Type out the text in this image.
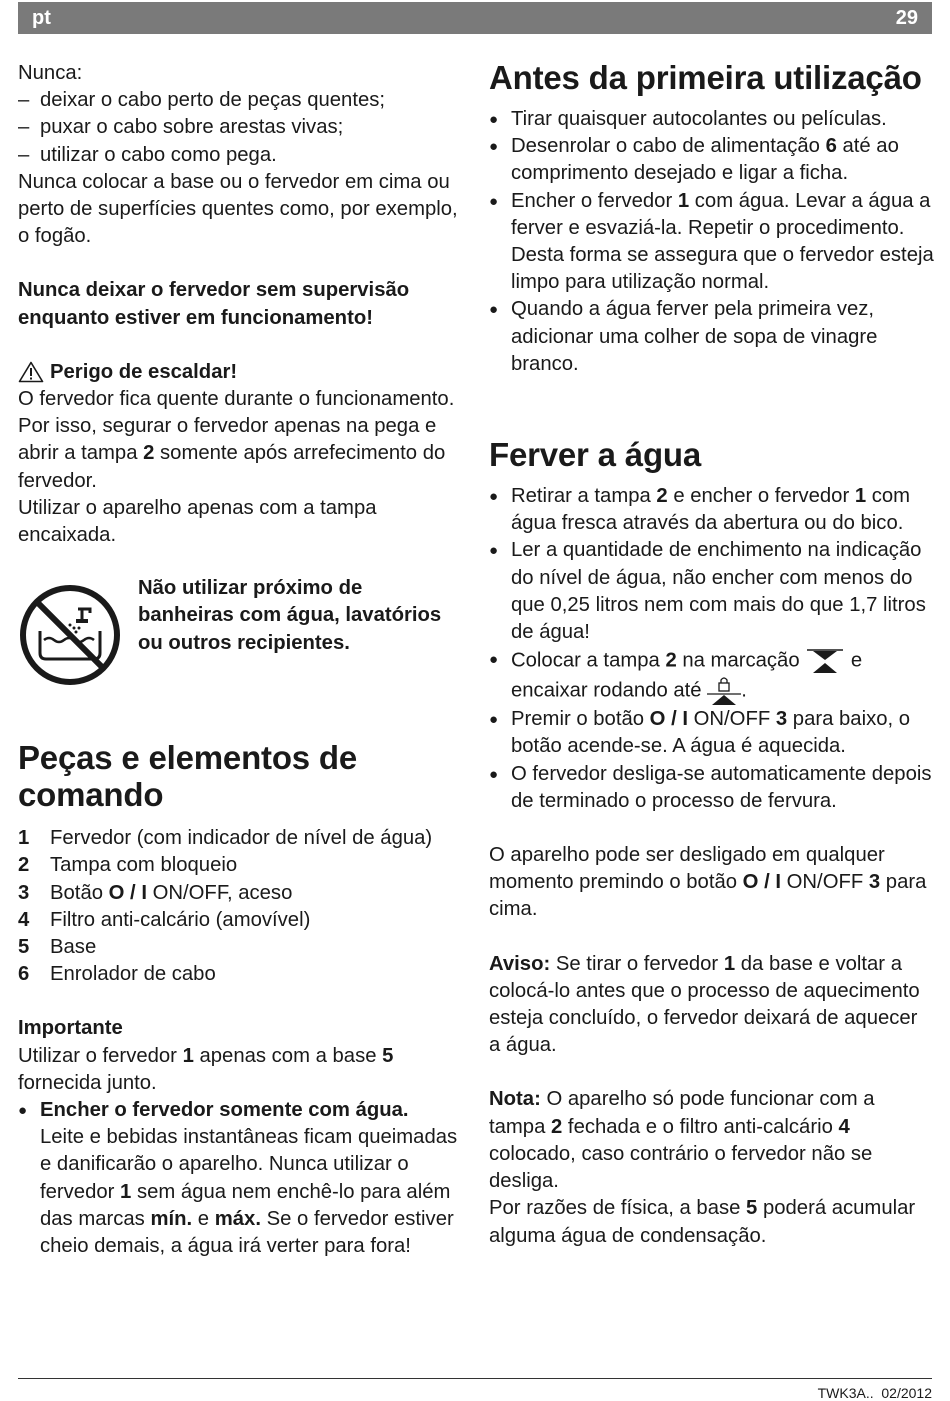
pt	29

Nunca:

– deixar o cabo perto de peças quentes;
– puxar o cabo sobre arestas vivas;
– utilizar o cabo como pega.

Nunca colocar a base ou o fervedor em cima ou perto de superfícies quentes como, por exemplo, o fogão.

Nunca deixar o fervedor sem supervisão enquanto estiver em funcionamento!

Perigo de escaldar!

O fervedor fica quente durante o funcionamento. Por isso, segurar o fervedor apenas na pega e abrir a tampa 2 somente após arrefecimento do fervedor.

Utilizar o aparelho apenas com a tampa encaixada.

Não utilizar próximo de banheiras com água, lavatórios ou outros recipientes.
Peças e elementos de comando
1 Fervedor (com indicador de nível de água)
2 Tampa com bloqueio
3 Botão O / I ON/OFF, aceso
4 Filtro anti-calcário (amovível)
5 Base
6 Enrolador de cabo

Importante

Utilizar o fervedor 1 apenas com a base 5 fornecida junto.

● Encher o fervedor somente com água.
Leite e bebidas instantâneas ficam queimadas e danificarão o aparelho. Nunca utilizar o fervedor 1 sem água nem enchê-lo para além das marcas mín. e máx. Se o fervedor estiver cheio demais, a água irá verter para fora!
Antes da primeira utilização
● Tirar quaisquer autocolantes ou películas.
● Desenrolar o cabo de alimentação 6 até ao comprimento desejado e ligar a ficha.
● Encher o fervedor 1 com água. Levar a água a ferver e esvaziá-la. Repetir o procedimento. Desta forma se assegura que o fervedor esteja limpo para utilização normal.
● Quando a água ferver pela primeira vez, adicionar uma colher de sopa de vinagre branco.
Ferver a água
● Retirar a tampa 2 e encher o fervedor 1 com água fresca através da abertura ou do bico.
● Ler a quantidade de enchimento na indicação do nível de água, não encher com menos do que 0,25 litros nem com mais do que 1,7 litros de água!
● Colocar a tampa 2 na marcação  e encaixar rodando até .
● Premir o botão O / I ON/OFF 3 para baixo, o botão acende-se. A água é aquecida.
● O fervedor desliga-se automaticamente depois de terminado o processo de fervura.

O aparelho pode ser desligado em qualquer momento premindo o botão O / I ON/OFF 3 para cima.

Aviso: Se tirar o fervedor 1 da base e voltar a colocá-lo antes que o processo de aquecimento esteja concluído, o fervedor deixará de aquecer a água.

Nota: O aparelho só pode funcionar com a tampa 2 fechada e o filtro anti-calcário 4 colocado, caso contrário o fervedor não se desliga.

Por razões de física, a base 5 poderá acumular alguma água de condensação.

TWK3A.. 02/2012
